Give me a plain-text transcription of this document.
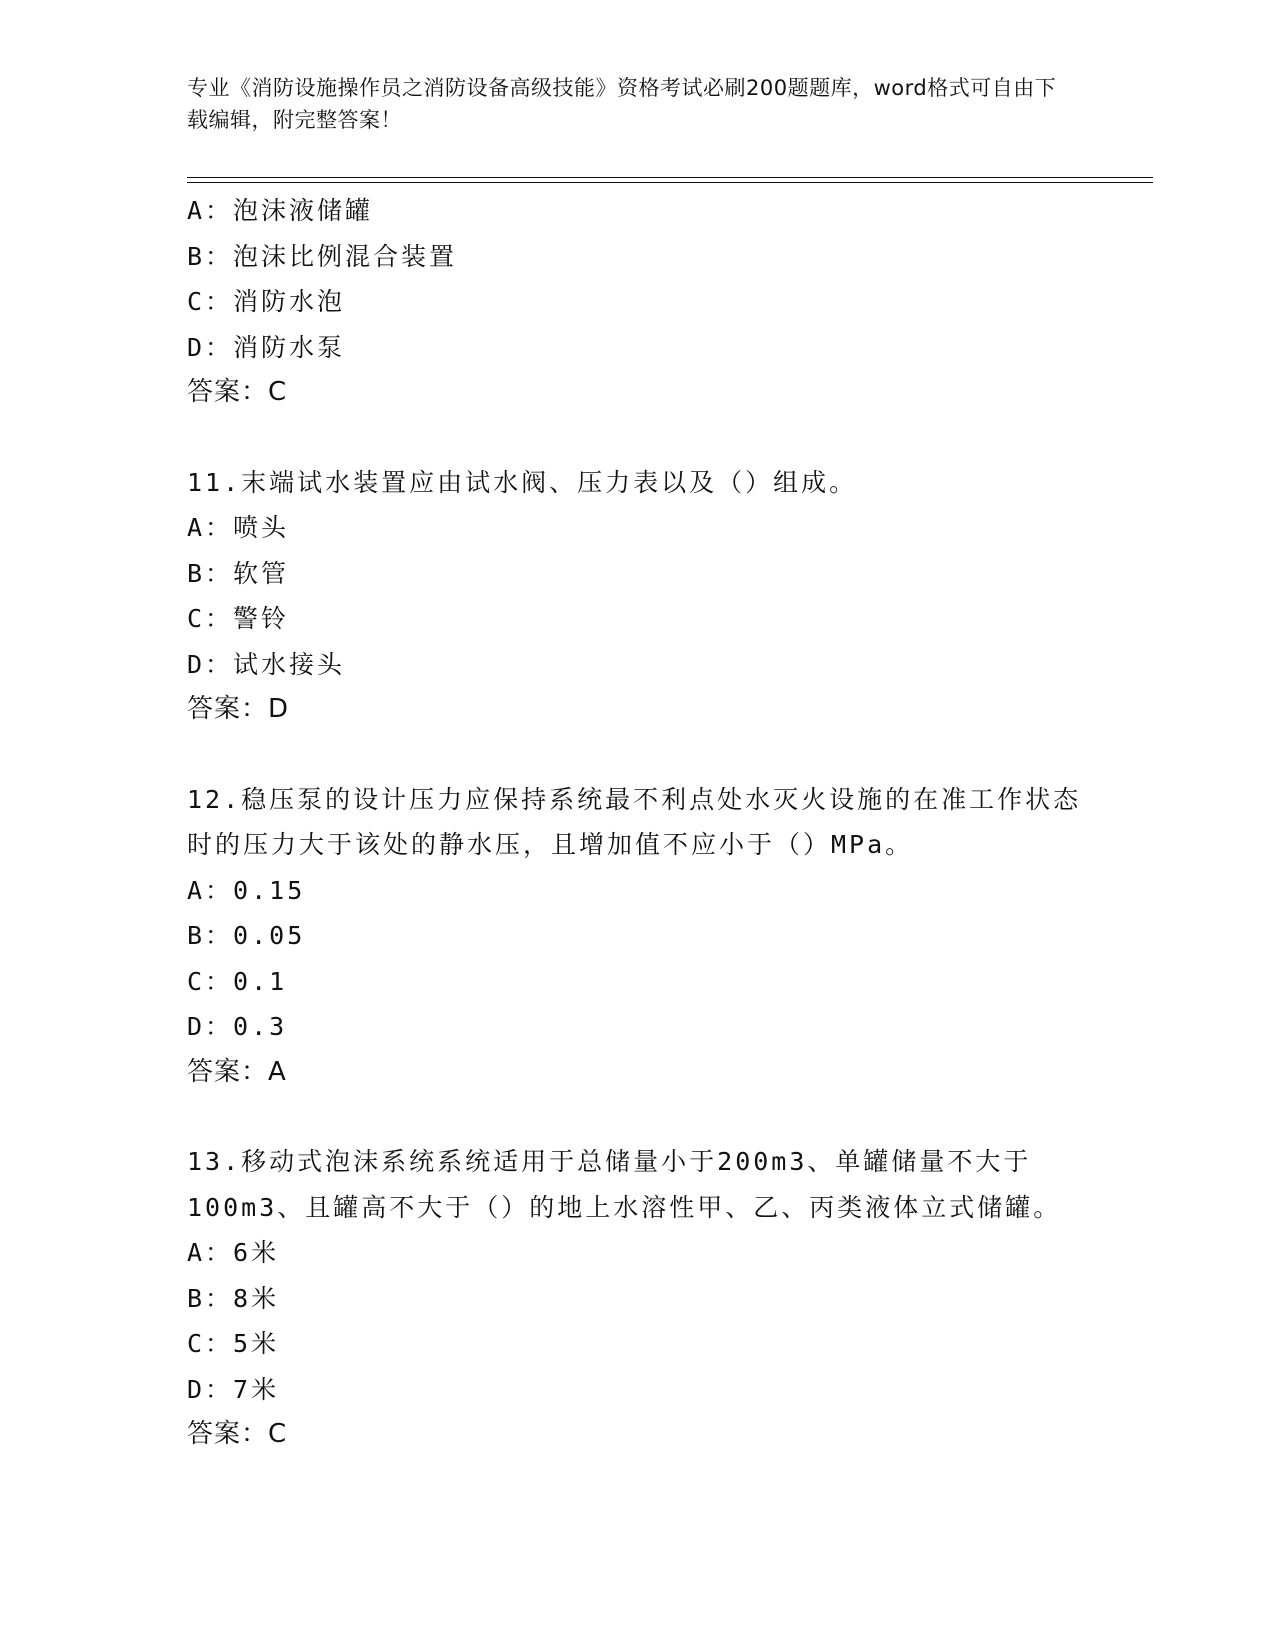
专业《消防设施操作员之消防设备高级技能》资格考试必刷200题题库，word格式可自由下载编辑，附完整答案！
A：泡沫液储罐
B：泡沫比例混合装置
C：消防水泡
D：消防水泵
答案：C
11.末端试水装置应由试水阀、压力表以及（）组成。
A：喷头
B：软管
C：警铃
D：试水接头
答案：D
12.稳压泵的设计压力应保持系统最不利点处水灭火设施的在准工作状态时的压力大于该处的静水压，且增加值不应小于（）MPa。
A：0.15
B：0.05
C：0.1
D：0.3
答案：A
13.移动式泡沫系统系统适用于总储量小于200m3、单罐储量不大于100m3、且罐高不大于（）的地上水溶性甲、乙、丙类液体立式储罐。
A：6米
B：8米
C：5米
D：7米
答案：C
